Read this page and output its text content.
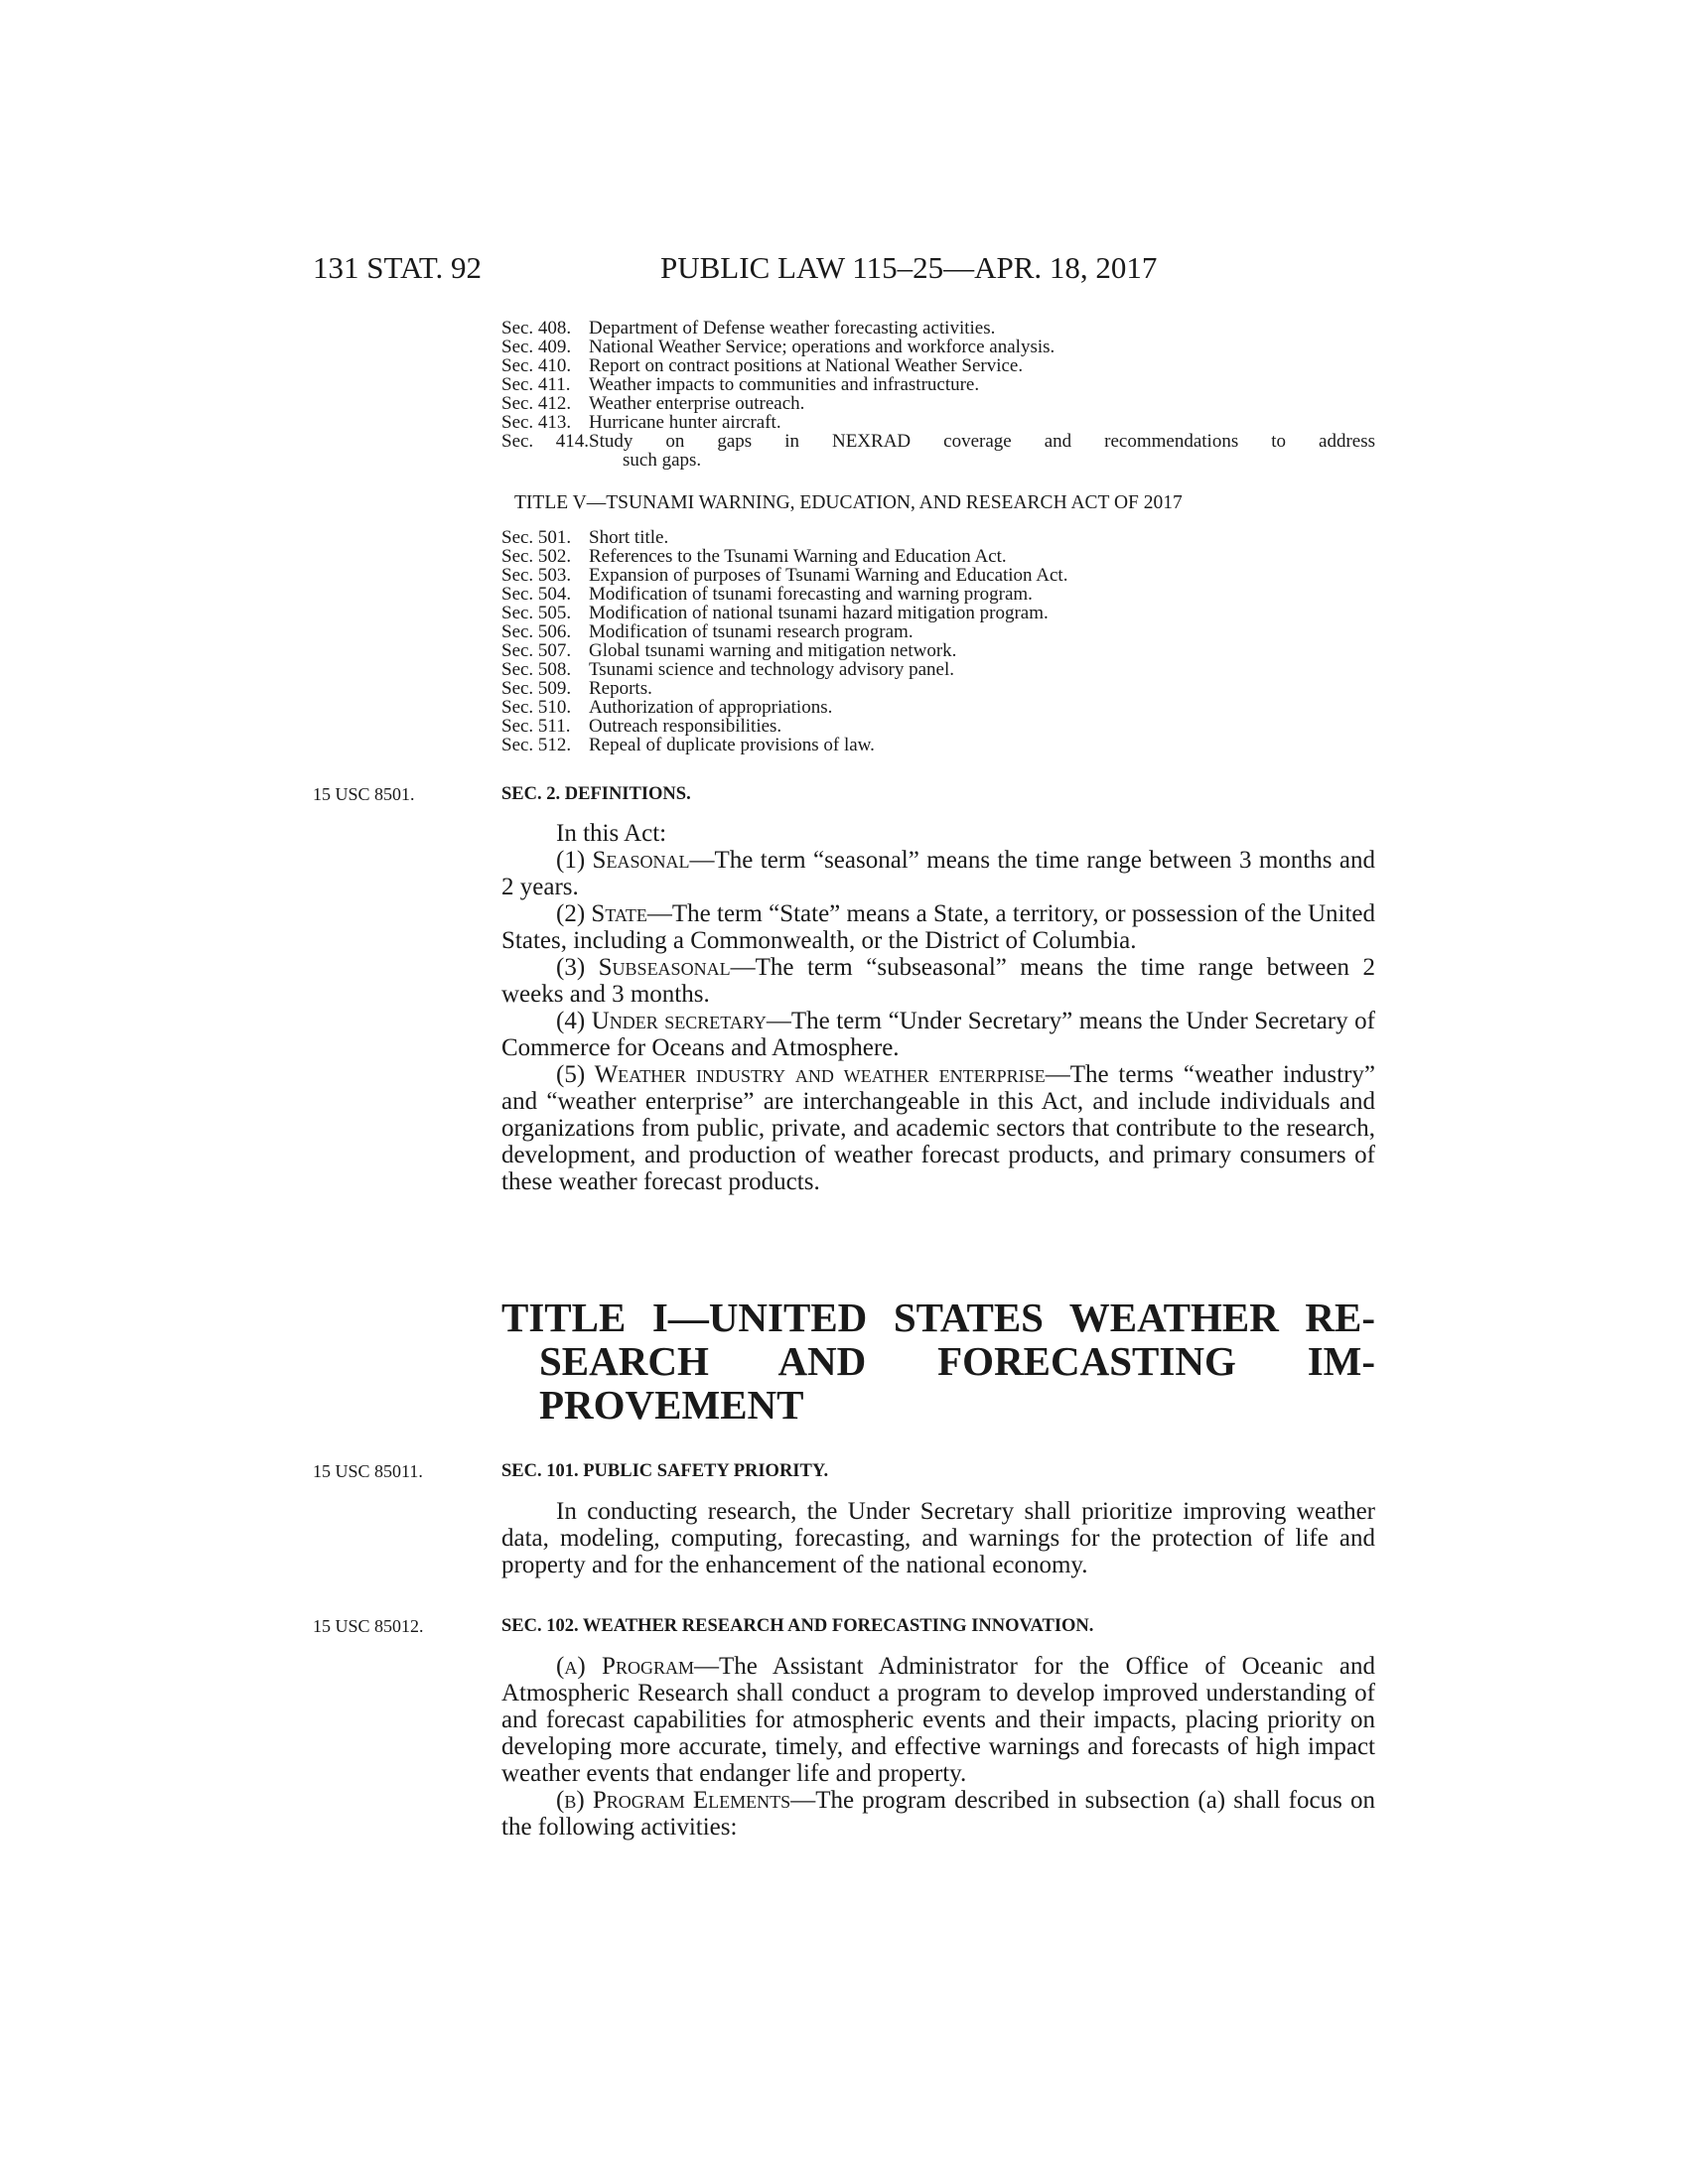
131 STAT. 92	PUBLIC LAW 115–25—APR. 18, 2017
Sec. 408. Department of Defense weather forecasting activities.
Sec. 409. National Weather Service; operations and workforce analysis.
Sec. 410. Report on contract positions at National Weather Service.
Sec. 411. Weather impacts to communities and infrastructure.
Sec. 412. Weather enterprise outreach.
Sec. 413. Hurricane hunter aircraft.
Sec. 414.Study on gaps in NEXRAD coverage and recommendations to address
such gaps.
TITLE V—TSUNAMI WARNING, EDUCATION, AND RESEARCH ACT OF 2017
Sec. 501. Short title.
Sec. 502. References to the Tsunami Warning and Education Act.
Sec. 503. Expansion of purposes of Tsunami Warning and Education Act.
Sec. 504. Modification of tsunami forecasting and warning program.
Sec. 505. Modification of national tsunami hazard mitigation program.
Sec. 506. Modification of tsunami research program.
Sec. 507. Global tsunami warning and mitigation network.
Sec. 508. Tsunami science and technology advisory panel.
Sec. 509. Reports.
Sec. 510. Authorization of appropriations.
Sec. 511. Outreach responsibilities.
Sec. 512. Repeal of duplicate provisions of law.
15 USC 8501.	SEC. 2. DEFINITIONS.
In this Act:
(1) Seasonal—The term “seasonal” means the time range between 3 months and 2 years.
(2) State—The term “State” means a State, a territory, or possession of the United States, including a Commonwealth, or the District of Columbia.
(3) Subseasonal—The term “subseasonal” means the time range between 2 weeks and 3 months.
(4) Under secretary—The term “Under Secretary” means the Under Secretary of Commerce for Oceans and Atmosphere.
(5) Weather industry and weather enterprise—The terms “weather industry” and “weather enterprise” are interchangeable in this Act, and include individuals and organizations from public, private, and academic sectors that contribute to the research, development, and production of weather forecast products, and primary consumers of these weather forecast products.
TITLE I—UNITED STATES WEATHER RE-
SEARCH AND FORECASTING IM-
PROVEMENT
15 USC 85011.	SEC. 101. PUBLIC SAFETY PRIORITY.
In conducting research, the Under Secretary shall prioritize improving weather data, modeling, computing, forecasting, and warnings for the protection of life and property and for the enhancement of the national economy.
15 USC 85012.	SEC. 102. WEATHER RESEARCH AND FORECASTING INNOVATION.
(a) Program—The Assistant Administrator for the Office of Oceanic and Atmospheric Research shall conduct a program to develop improved understanding of and forecast capabilities for atmospheric events and their impacts, placing priority on developing more accurate, timely, and effective warnings and forecasts of high impact weather events that endanger life and property.
(b) Program Elements—The program described in subsection (a) shall focus on the following activities:
